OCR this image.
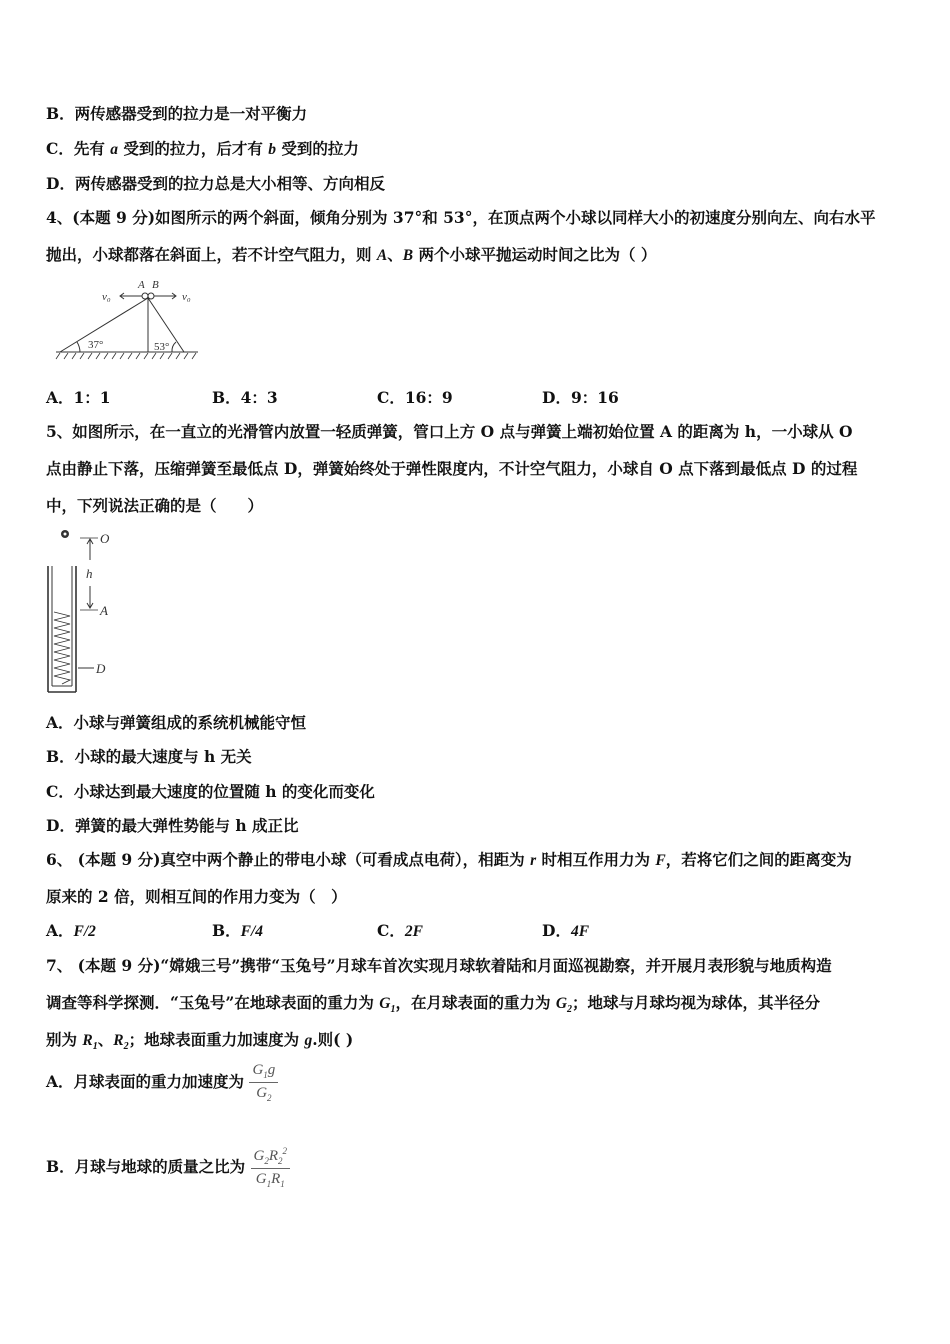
B．两传感器受到的拉力是一对平衡力
C．先有 a 受到的拉力，后才有 b 受到的拉力
D．两传感器受到的拉力总是大小相等、方向相反
4、(本题 9 分)如图所示的两个斜面，倾角分别为 37°和 53°，在顶点两个小球以同样大小的初速度分别向左、向右水平
抛出，小球都落在斜面上，若不计空气阻力，则 A、B 两个小球平抛运动时间之比为（ ）
A B
v₀	v₀
37°	53°
A．1：1	B．4：3	C．16：9	D．9：16
5、如图所示，在一直立的光滑管内放置一轻质弹簧，管口上方 O 点与弹簧上端初始位置 A 的距离为 h，一小球从 O
点由静止下落，压缩弹簧至最低点 D，弹簧始终处于弹性限度内，不计空气阻力，小球自 O 点下落到最低点 D 的过程
中，下列说法正确的是（　　）
O
h
A
D
A．小球与弹簧组成的系统机械能守恒
B．小球的最大速度与 h 无关
C．小球达到最大速度的位置随 h 的变化而变化
D．弹簧的最大弹性势能与 h 成正比
6、 (本题 9 分)真空中两个静止的带电小球（可看成点电荷），相距为 r 时相互作用力为 F，若将它们之间的距离变为
原来的 2 倍，则相互间的作用力变为（　）
A．F/2	B．F/4	C．2F	D．4F
7、 (本题 9 分)“嫦娥三号”携带“玉兔号”月球车首次实现月球软着陆和月面巡视勘察，并开展月表形貌与地质构造
调查等科学探测．“玉兔号”在地球表面的重力为 $G_1$，在月球表面的重力为 $G_2$；地球与月球均视为球体，其半径分
别为 $R_1$、$R_2$；地球表面重力加速度为 g.则( )
A．月球表面的重力加速度为 $\frac{G_1g}{G_2}$
B．月球与地球的质量之比为 $\frac{G_2R_2^2}{G_1R_1}$
